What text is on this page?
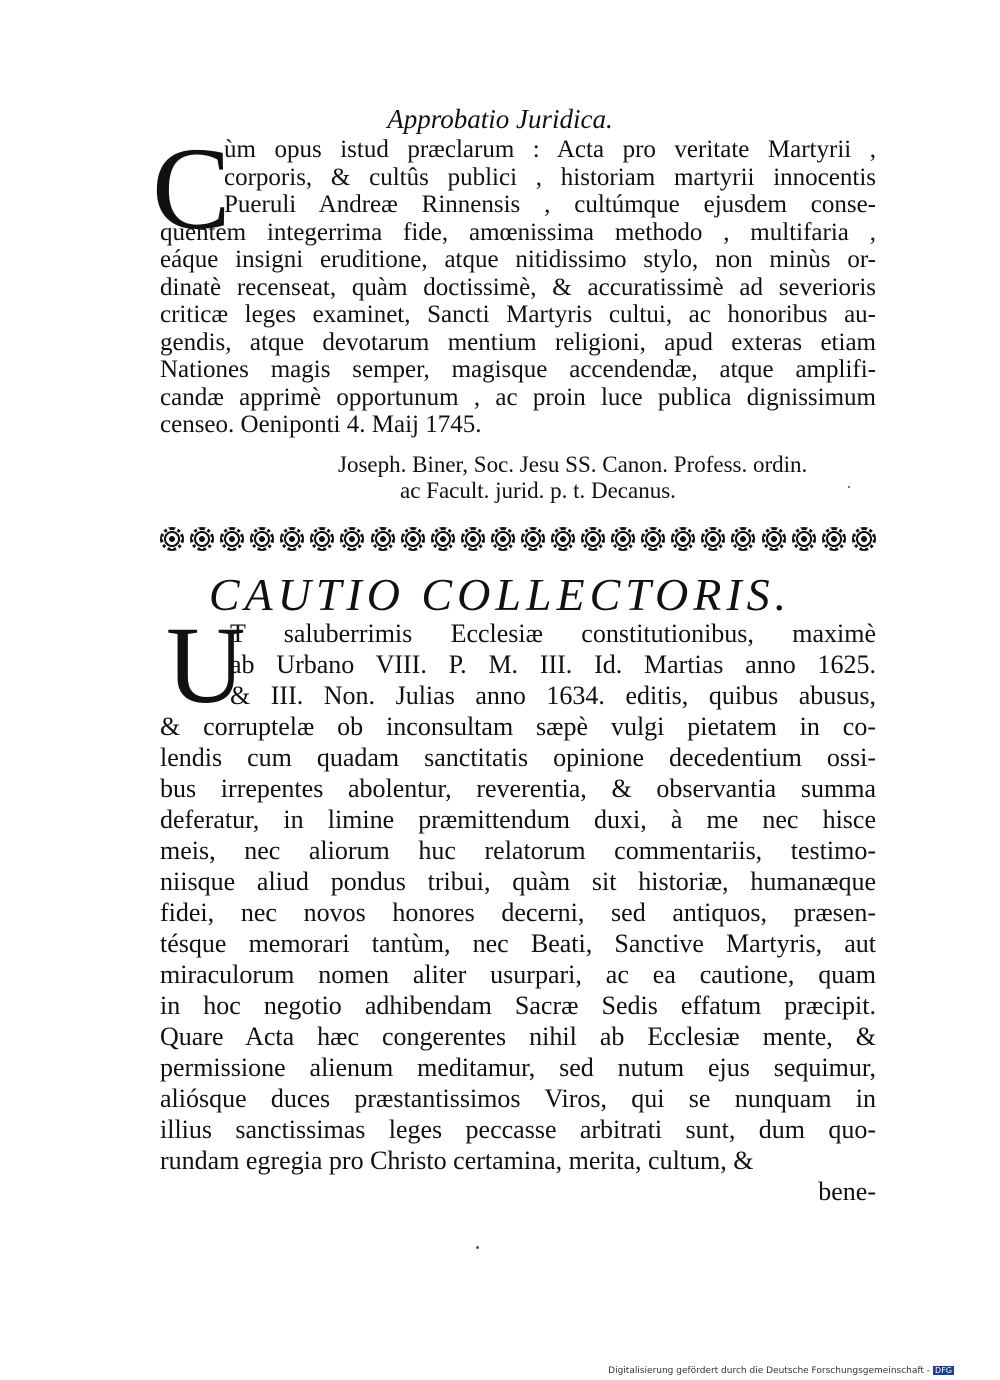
Approbatio Juridica.
C
ùm opus istud præclarum : Acta pro veritate Martyrii ,
corporis, & cultûs publici , historiam martyrii innocentis
Pueruli Andreæ Rinnensis , cultúmque ejusdem conse-
quentem integerrima fide, amœnissima methodo , multifaria ,
eáque insigni eruditione, atque nitidissimo stylo, non minùs or-
dinatè recenseat, quàm doctissimè, & accuratissimè ad severioris
criticæ leges examinet, Sancti Martyris cultui, ac honoribus au-
gendis, atque devotarum mentium religioni, apud exteras etiam
Nationes magis semper, magisque accendendæ, atque amplifi-
candæ apprimè opportunum , ac proin luce publica dignissimum
censeo. Oeniponti 4. Maij 1745.
Joseph. Biner, Soc. Jesu SS. Canon. Profess. ordin.
ac Facult. jurid. p. t. Decanus.
CAUTIO COLLECTORIS.
U
T saluberrimis Ecclesiæ constitutionibus, maximè
ab Urbano VIII. P. M. III. Id. Martias anno 1625.
& III. Non. Julias anno 1634. editis, quibus abusus,
& corruptelæ ob inconsultam sæpè vulgi pietatem in co-
lendis cum quadam sanctitatis opinione decedentium ossi-
bus irrepentes abolentur, reverentia, & observantia summa
deferatur, in limine præmittendum duxi, à me nec hisce
meis, nec aliorum huc relatorum commentariis, testimo-
niisque aliud pondus tribui, quàm sit historiæ, humanæque
fidei, nec novos honores decerni, sed antiquos, præsen-
tésque memorari tantùm, nec Beati, Sanctive Martyris, aut
miraculorum nomen aliter usurpari, ac ea cautione, quam
in hoc negotio adhibendam Sacræ Sedis effatum præcipit.
Quare Acta hæc congerentes nihil ab Ecclesiæ mente, &
permissione alienum meditamur, sed nutum ejus sequimur,
aliósque duces præstantissimos Viros, qui se nunquam in
illius sanctissimas leges peccasse arbitrati sunt, dum quo-
rundam egregia pro Christo certamina, merita, cultum, &
bene-
Digitalisierung gefördert durch die Deutsche Forschungsgemeinschaft - DFG
